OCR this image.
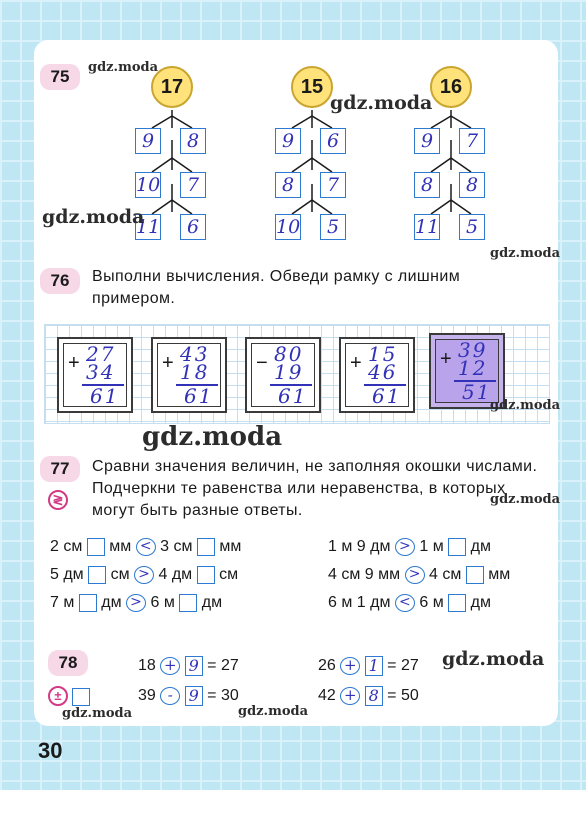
75	17	15	16
9	8
10	7
11	6
9	6
8	7
10	5
9	7
8	8
11	5
76	Выполни вычисления. Обведи рамку с лишним примером.
+ 27
34
61
+ 43
18
61
− 80
19
61
+ 15
46
61
+ 39
12
51
77
≷
Сравни значения величин, не заполняя окошки числами. Подчеркни те равенства или неравенства, в которых могут быть разные ответы.
2 см мм < 3 см мм
5 дм см > 4 дм см
7 м дм > 6 м дм
1 м 9 дм > 1 м дм
4 см 9 мм > 4 см мм
6 м 1 дм < 6 м дм
78
±
18 + 9 = 27
39 - 9 = 30
26 + 1 = 27
42 + 8 = 50
30
gdz.moda
gdz.moda
gdz.moda
gdz.moda
gdz.moda
gdz.moda
gdz.moda
gdz.moda
gdz.moda	gdz.moda
